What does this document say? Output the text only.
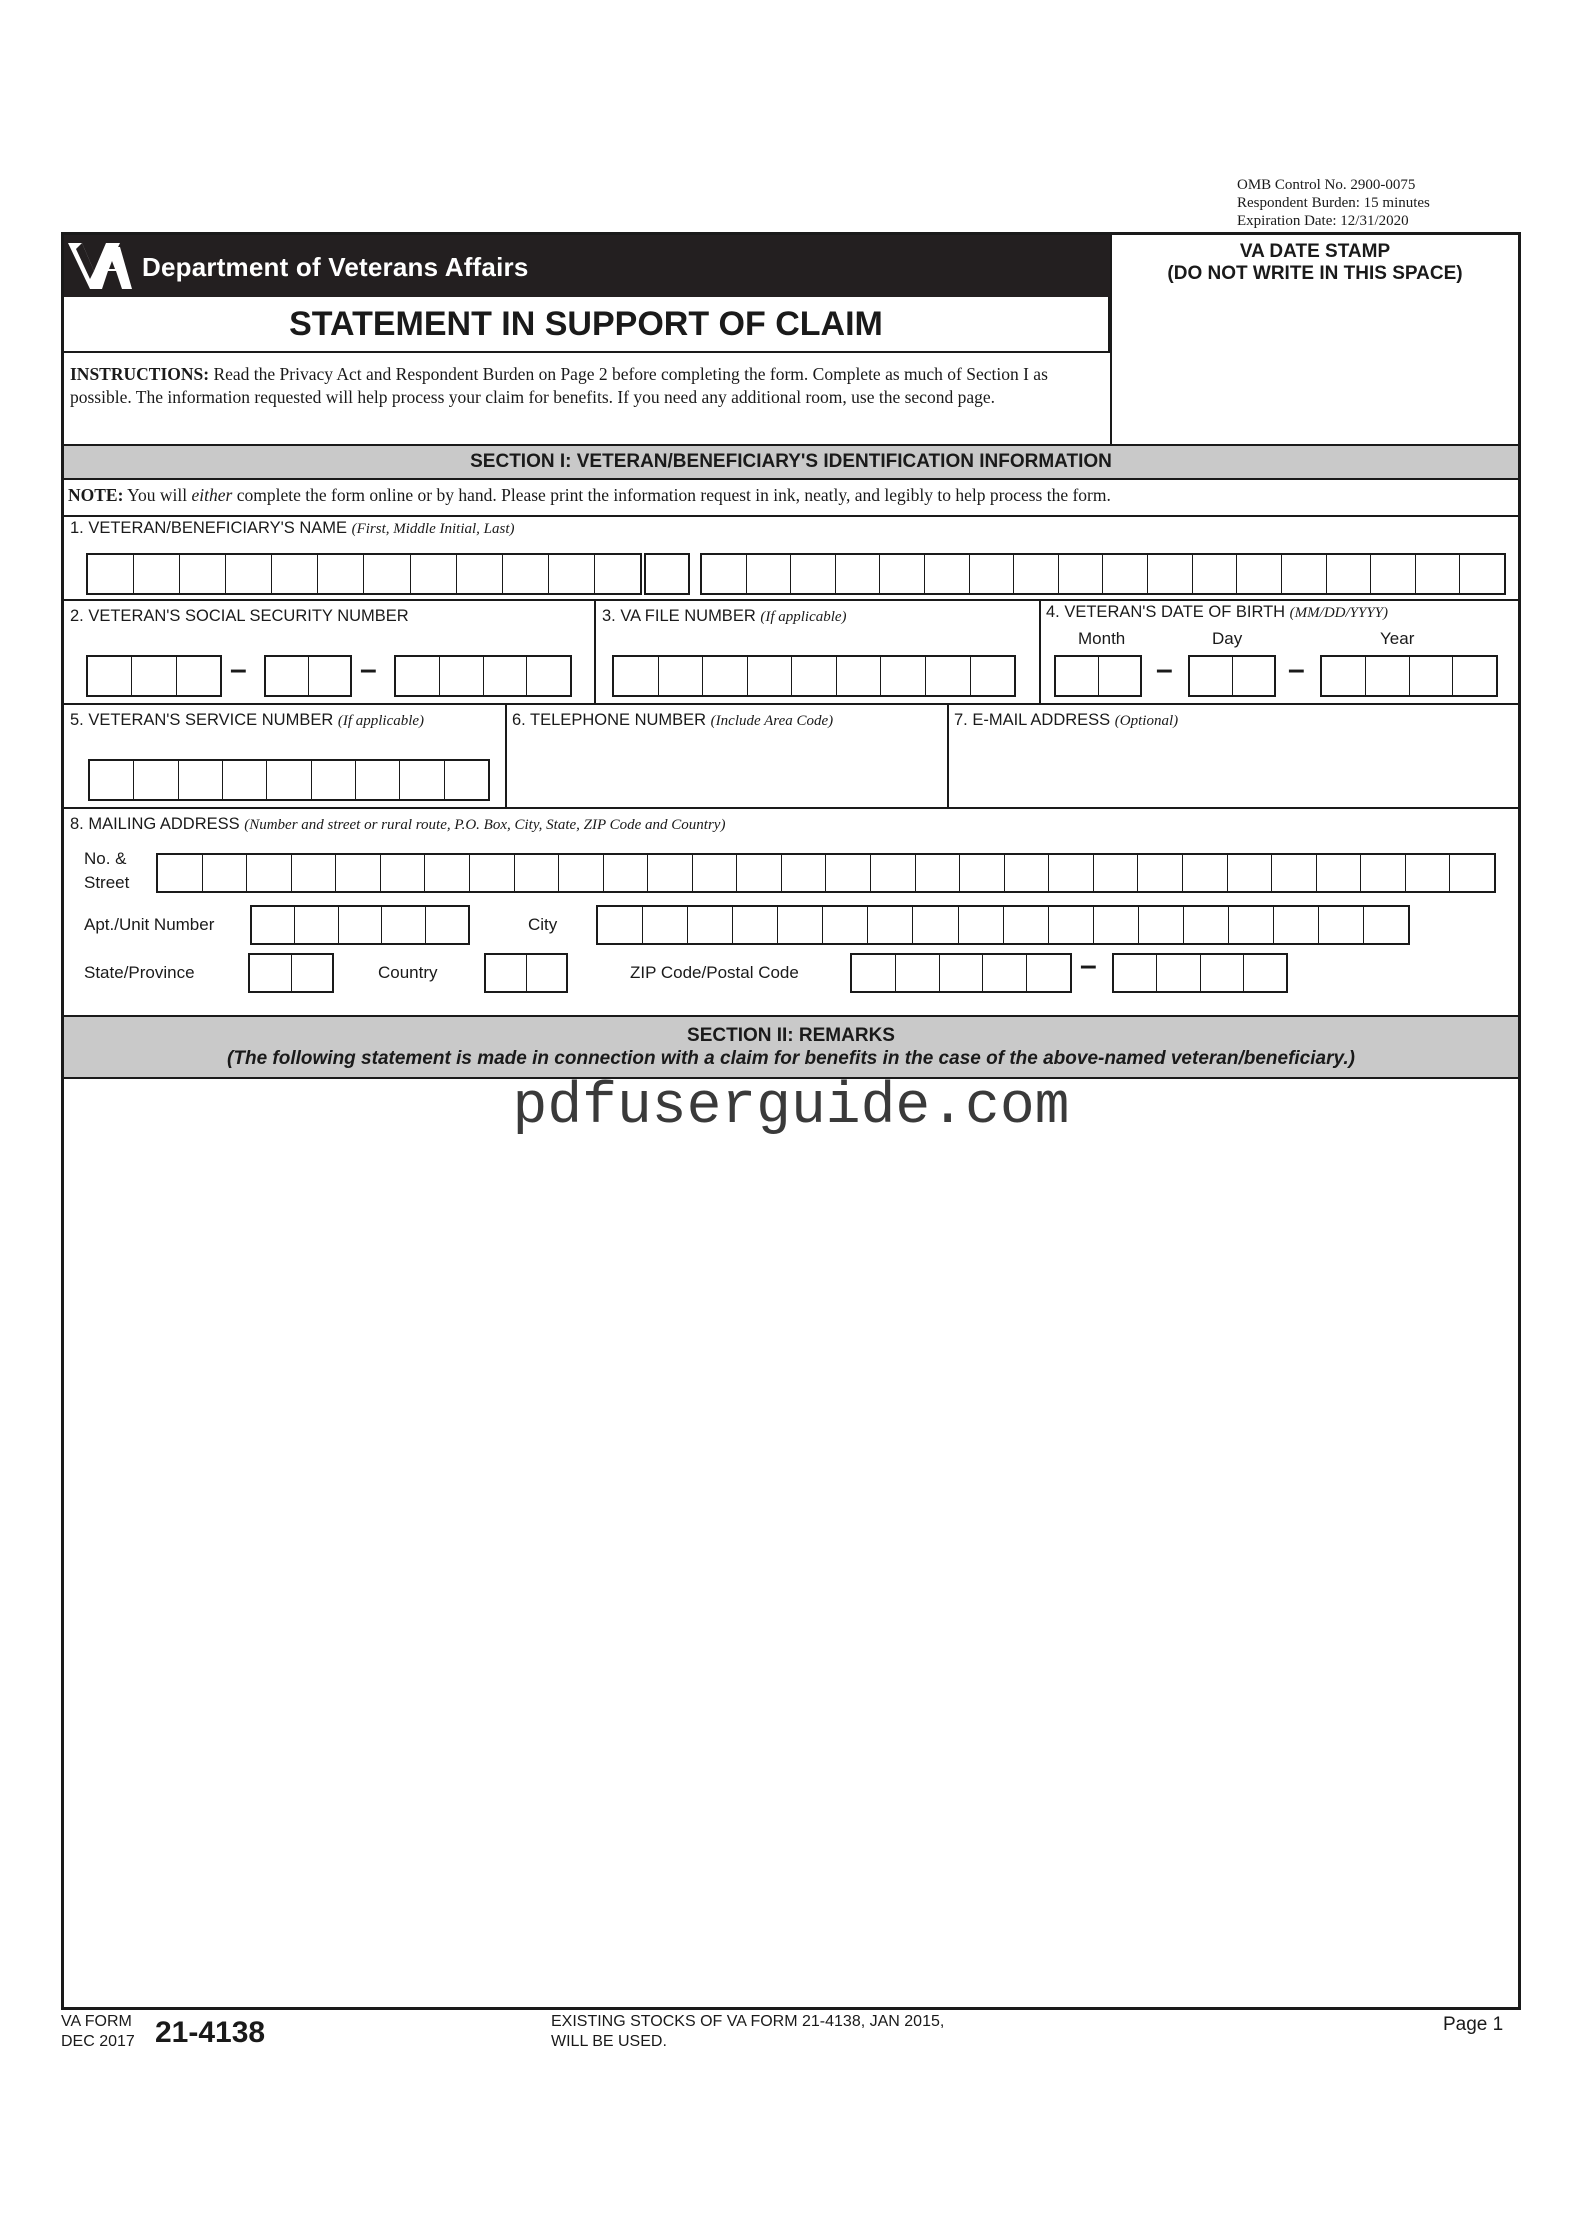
OMB Control No. 2900-0075
Respondent Burden: 15 minutes
Expiration Date: 12/31/2020
Department of Veterans Affairs
STATEMENT IN SUPPORT OF CLAIM
VA DATE STAMP
(DO NOT WRITE IN THIS SPACE)
INSTRUCTIONS: Read the Privacy Act and Respondent Burden on Page 2 before completing the form. Complete as much of Section I as possible. The information requested will help process your claim for benefits. If you need any additional room, use the second page.
SECTION I: VETERAN/BENEFICIARY'S IDENTIFICATION INFORMATION
NOTE: You will either complete the form online or by hand. Please print the information request in ink, neatly, and legibly to help process the form.
1. VETERAN/BENEFICIARY'S NAME (First, Middle Initial, Last)
2. VETERAN'S SOCIAL SECURITY NUMBER
–	–
3. VA FILE NUMBER (If applicable)	4. VETERAN'S DATE OF BIRTH (MM/DD/YYYY)
Month	Day	Year
–	–
5. VETERAN'S SERVICE NUMBER (If applicable)	6. TELEPHONE NUMBER (Include Area Code)	7. E-MAIL ADDRESS (Optional)
8. MAILING ADDRESS (Number and street or rural route, P.O. Box, City, State, ZIP Code and Country)
No. &
Street
Apt./Unit Number	City
State/Province	Country	ZIP Code/Postal Code	–
SECTION II: REMARKS
(The following statement is made in connection with a claim for benefits in the case of the above-named veteran/beneficiary.)
pdfuserguide.com
VA FORM
DEC 2017 21-4138	EXISTING STOCKS OF VA FORM 21-4138, JAN 2015,
WILL BE USED.
Page 1
